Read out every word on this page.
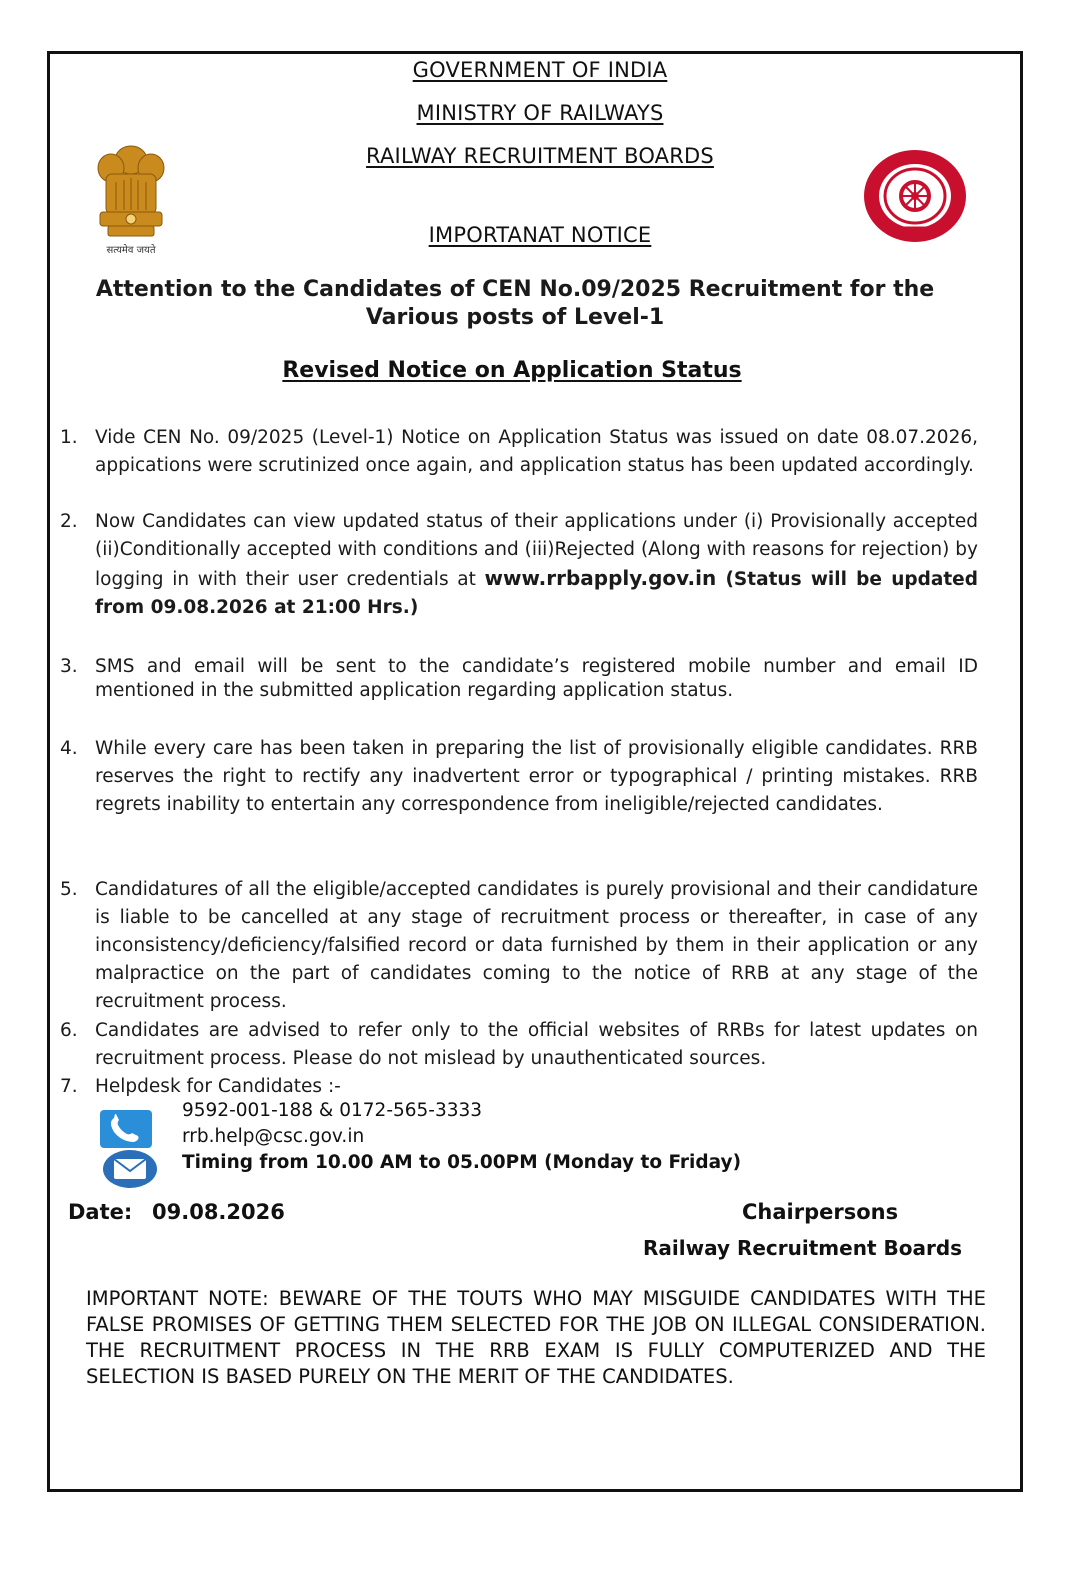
GOVERNMENT OF INDIA
MINISTRY OF RAILWAYS
RAILWAY RECRUITMENT BOARDS
IMPORTANAT NOTICE
सत्यमेव जयते
Attention to the Candidates of CEN No.09/2025 Recruitment for the Various posts of Level-1
Revised Notice on Application Status
1. Vide CEN No. 09/2025 (Level-1) Notice on Application Status was issued on date 08.07.2026, appications were scrutinized once again, and application status has been updated accordingly.
2. Now Candidates can view updated status of their applications under (i) Provisionally accepted (ii)Conditionally accepted with conditions and (iii)Rejected (Along with reasons for rejection) by logging in with their user credentials at www.rrbapply.gov.in (Status will be updated from 09.08.2026 at 21:00 Hrs.)
3. SMS and email will be sent to the candidate’s registered mobile number and email ID mentioned in the submitted application regarding application status.
4. While every care has been taken in preparing the list of provisionally eligible candidates. RRB reserves the right to rectify any inadvertent error or typographical / printing mistakes. RRB regrets inability to entertain any correspondence from ineligible/rejected candidates.
5. Candidatures of all the eligible/accepted candidates is purely provisional and their candidature is liable to be cancelled at any stage of recruitment process or thereafter, in case of any inconsistency/deficiency/falsified record or data furnished by them in their application or any malpractice on the part of candidates coming to the notice of RRB at any stage of the recruitment process.
6. Candidates are advised to refer only to the official websites of RRBs for latest updates on recruitment process. Please do not mislead by unauthenticated sources.
7. Helpdesk for Candidates :-
9592-001-188 & 0172-565-3333
rrb.help@csc.gov.in
Timing from 10.00 AM to 05.00PM (Monday to Friday)
Date: 09.08.2026	Chairpersons
Railway Recruitment Boards
IMPORTANT NOTE: BEWARE OF THE TOUTS WHO MAY MISGUIDE CANDIDATES WITH THE FALSE PROMISES OF GETTING THEM SELECTED FOR THE JOB ON ILLEGAL CONSIDERATION. THE RECRUITMENT PROCESS IN THE RRB EXAM IS FULLY COMPUTERIZED AND THE SELECTION IS BASED PURELY ON THE MERIT OF THE CANDIDATES.
